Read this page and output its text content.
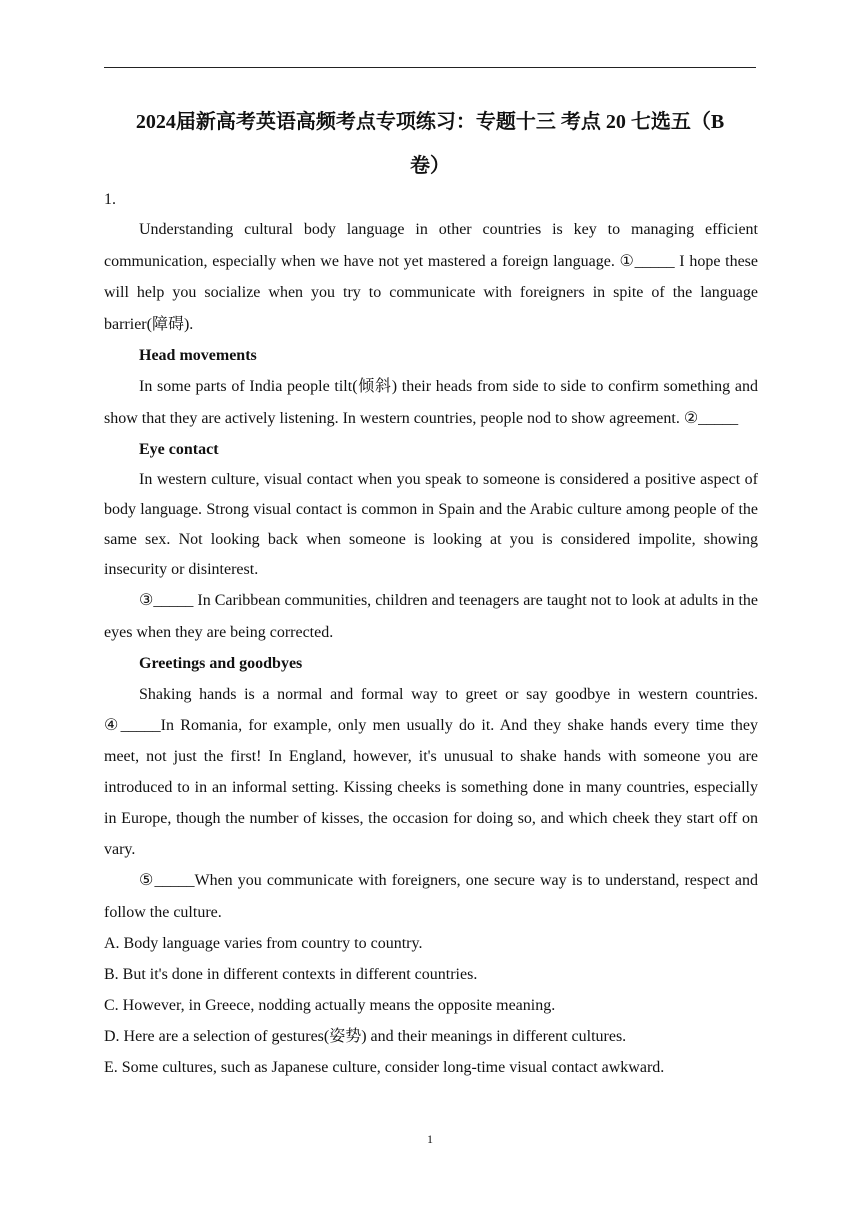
2024届新高考英语高频考点专项练习：专题十三 考点 20 七选五（B
卷）
1.

Understanding cultural body language in other countries is key to managing efficient communication, especially when we have not yet mastered a foreign language. ①_____ I hope these will help you socialize when you try to communicate with foreigners in spite of the language barrier(障碍).

Head movements

In some parts of India people tilt(倾斜) their heads from side to side to confirm something and show that they are actively listening. In western countries, people nod to show agreement. ②_____

Eye contact

In western culture, visual contact when you speak to someone is considered a positive aspect of body language. Strong visual contact is common in Spain and the Arabic culture among people of the same sex. Not looking back when someone is looking at you is considered impolite, showing insecurity or disinterest.

③_____ In Caribbean communities, children and teenagers are taught not to look at adults in the eyes when they are being corrected.

Greetings and goodbyes

Shaking hands is a normal and formal way to greet or say goodbye in western countries. ④_____In Romania, for example, only men usually do it. And they shake hands every time they meet, not just the first! In England, however, it's unusual to shake hands with someone you are introduced to in an informal setting. Kissing cheeks is something done in many countries, especially in Europe, though the number of kisses, the occasion for doing so, and which cheek they start off on vary.

⑤_____When you communicate with foreigners, one secure way is to understand, respect and follow the culture.

A. Body language varies from country to country.

B. But it's done in different contexts in different countries.

C. However, in Greece, nodding actually means the opposite meaning.

D. Here are a selection of gestures(姿势) and their meanings in different cultures.

E. Some cultures, such as Japanese culture, consider long-time visual contact awkward.

1
